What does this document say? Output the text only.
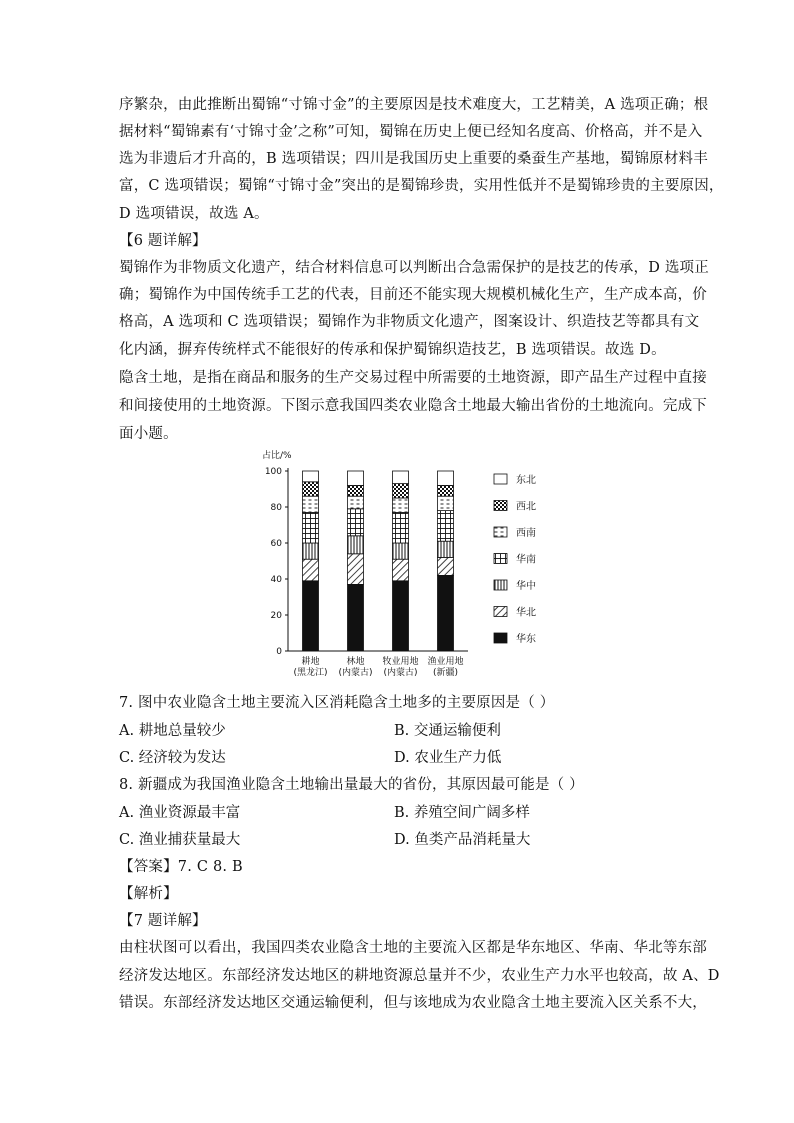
序繁杂，由此推断出蜀锦“寸锦寸金”的主要原因是技术难度大，工艺精美，A 选项正确；根
据材料“蜀锦素有‘寸锦寸金’之称”可知，蜀锦在历史上便已经知名度高、价格高，并不是入
选为非遗后才升高的，B 选项错误；四川是我国历史上重要的桑蚕生产基地，蜀锦原材料丰
富，C 选项错误；蜀锦“寸锦寸金”突出的是蜀锦珍贵，实用性低并不是蜀锦珍贵的主要原因，
D 选项错误，故选 A。
【6 题详解】
蜀锦作为非物质文化遗产，结合材料信息可以判断出合急需保护的是技艺的传承，D 选项正
确；蜀锦作为中国传统手工艺的代表，目前还不能实现大规模机械化生产，生产成本高，价
格高，A 选项和 C 选项错误；蜀锦作为非物质文化遗产，图案设计、织造技艺等都具有文
化内涵，摒弃传统样式不能很好的传承和保护蜀锦织造技艺，B 选项错误。故选 D。
隐含土地，是指在商品和服务的生产交易过程中所需要的土地资源，即产品生产过程中直接
和间接使用的土地资源。下图示意我国四类农业隐含土地最大输出省份的土地流向。完成下
面小题。
占比/%
0
20
40
60
80
100
耕地
(黑龙江)
林地
(内蒙古)
牧业用地
(内蒙古)
渔业用地
(新疆)
东北
西北
西南
华南
华中
华北
华东
7. 图中农业隐含土地主要流入区消耗隐含土地多的主要原因是（ ）
A. 耕地总量较少	B. 交通运输便利
C. 经济较为发达	D. 农业生产力低
8. 新疆成为我国渔业隐含土地输出量最大的省份，其原因最可能是（ ）
A. 渔业资源最丰富	B. 养殖空间广阔多样
C. 渔业捕获量最大	D. 鱼类产品消耗量大
【答案】7. C 8. B
【解析】
【7 题详解】
由柱状图可以看出，我国四类农业隐含土地的主要流入区都是华东地区、华南、华北等东部
经济发达地区。东部经济发达地区的耕地资源总量并不少，农业生产力水平也较高，故 A、D
错误。东部经济发达地区交通运输便利，但与该地成为农业隐含土地主要流入区关系不大，
